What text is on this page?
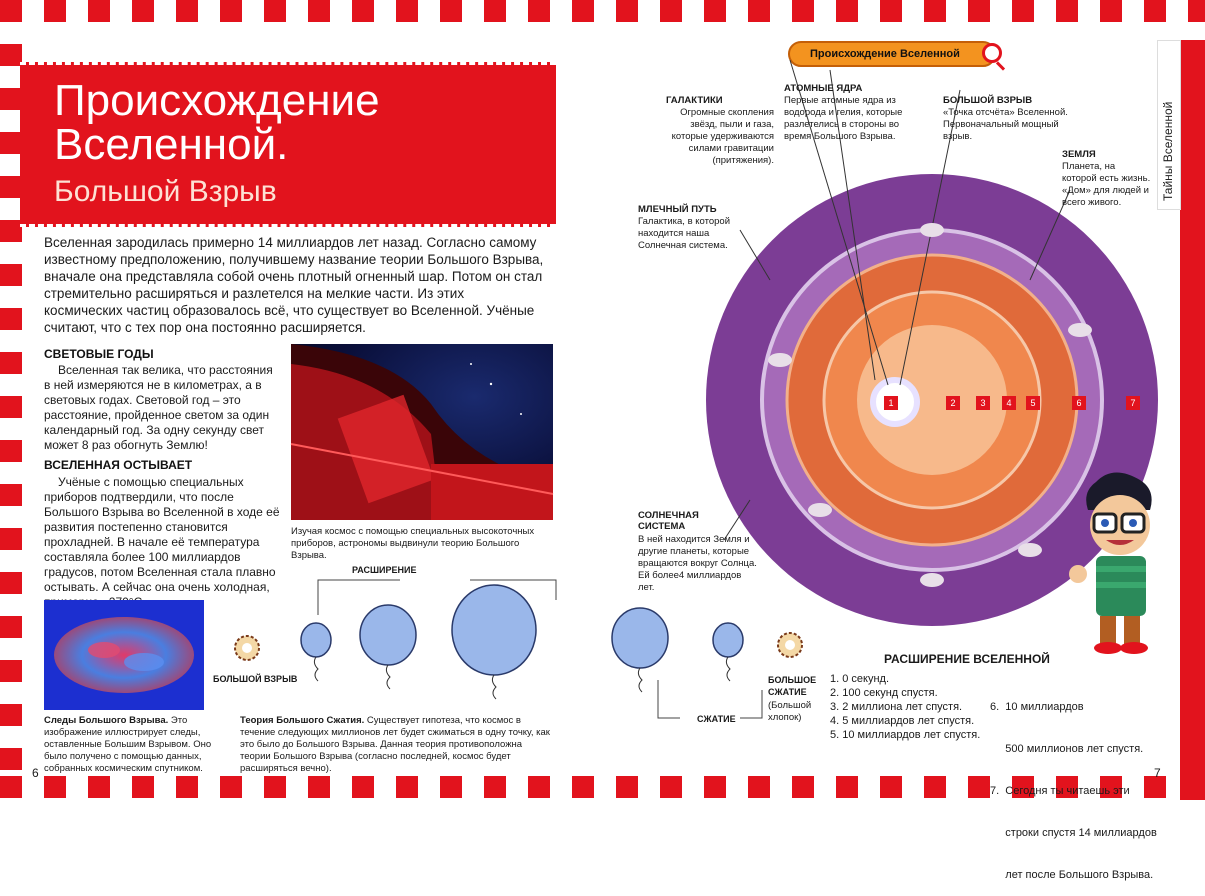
Тайны Вселенной
Происхождение
Вселенной.
Большой Взрыв

Вселенная зародилась примерно 14 миллиардов лет назад. Согласно самому известному предположению, получившему название теории Большого Взрыва, вначале она представляла собой очень плотный огненный шар. Потом он стал стремительно расширяться и разлетелся на мелкие части. Из этих космических частиц образовалось всё, что существует во Вселенной. Учёные считают, что с тех пор она постоянно расширяется.

СВЕТОВЫЕ ГОДЫ

Вселенная так велика, что расстояния в ней измеряются не в километрах, а в световых годах. Световой год – это расстояние, пройденное светом за один календарный год. За одну секунду свет может 8 раз обогнуть Землю!

ВСЕЛЕННАЯ ОСТЫВАЕТ

Учёные с помощью специальных приборов подтвердили, что после Большого Взрыва во Вселенной в ходе её развития постепенно становится прохладней. В начале её температура составляла более 100 миллиардов градусов, потом Вселенная стала плавно остывать. А сейчас она очень холодная,

Изучая космос с помощью специальных высокоточных приборов, астрономы выдвинули теорию Большого Взрыва.

Следы Большого Взрыва. Это изображение иллюстрирует следы, оставленные Большим Взрывом. Оно было получено с помощью данных, собранных космическим спутником.

РАСШИРЕНИЕ
БОЛЬШОЙ ВЗРЫВ
СЖАТИЕ
БОЛЬШОЕ СЖАТИЕ
(Большой хлопок)

Теория Большого Сжатия. Существует гипотеза, что космос в течение следующих миллионов лет будет сжиматься в одну точку, как это было до Большого Взрыва. Данная теория противоположна теории Большого Взрыва (согласно последней, космос будет расширяться вечно).

Происхождение Вселенной
1	2	3	4	5	6	7
ГАЛАКТИКИ
Огромные скопления звёзд, пыли и газа, которые удерживаются силами гравитации (притяжения).
АТОМНЫЕ ЯДРА
Первые атомные ядра из водорода и гелия, которые разлетелись в стороны во время Большого Взрыва.
БОЛЬШОЙ ВЗРЫВ
«Точка отсчёта» Вселенной. Первоначальный мощный взрыв.
ЗЕМЛЯ
Планета, на которой есть жизнь. «Дом» для людей и всего живого.
МЛЕЧНЫЙ ПУТЬ
Галактика, в которой находится наша Солнечная система.
СОЛНЕЧНАЯ СИСТЕМА
В ней находится Земля и другие планеты, которые вращаются вокруг Солнца. Ей более4 миллиардов лет.
РАСШИРЕНИЕ ВСЕЛЕННОЙ
1. 0 секунд.
2. 100 секунд спустя.
3. 2 миллиона лет спустя.
4. 5 миллиардов лет спустя.
5. 10 миллиардов лет спустя.

6.  10 миллиардов

500 миллионов лет спустя.

7.  Сегодня ты читаешь эти

строки спустя 14 миллиардов

лет после Большого Взрыва.

6	7
